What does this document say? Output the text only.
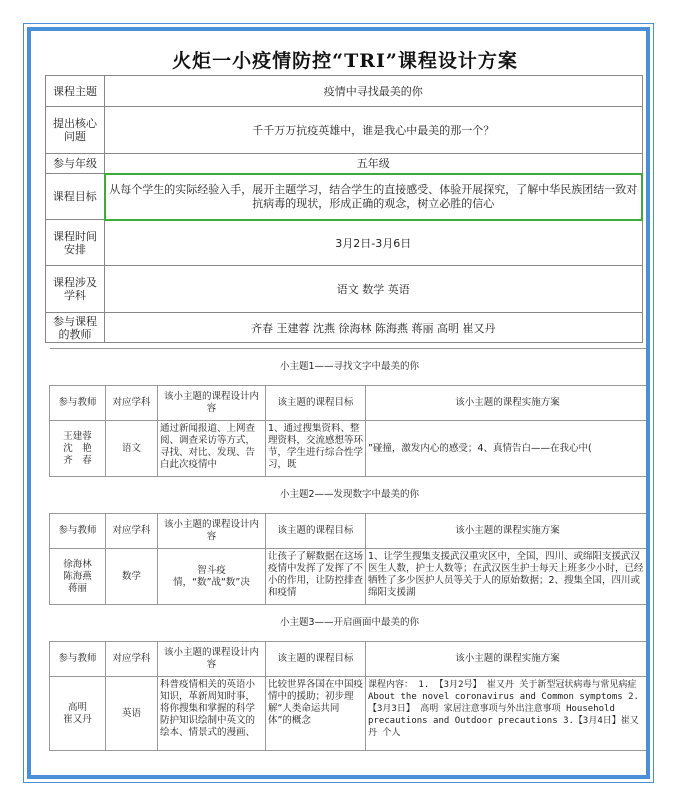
火炬一小疫情防控“TRI”课程设计方案
课程主题	疫情中寻找最美的你
提出核心问题	千千万万抗疫英雄中，谁是我心中最美的那一个？
参与年级	五年级
课程目标	从每个学生的实际经验入手，展开主题学习，结合学生的直接感受、体验开展探究，了解中华民族团结一致对抗病毒的现状，形成正确的观念，树立必胜的信心
课程时间安排	3月2日-3月6日
课程涉及学科	语文 数学 英语
参与课程的教师	齐春 王建蓉 沈燕 徐海林 陈海燕 蒋丽 高明 崔又丹
小主题1——寻找文字中最美的你				
参与教师	对应学科	该小主题的课程设计内容	该主题的课程目标	该小主题的课程实施方案
王建蓉
沈　艳
齐　春	语文	通过新闻报道、上网查阅、调查采访等方式，寻找、对比、发现、告白此次疫情中	1、通过搜集资料、整理资料，交流感想等环节，学生进行综合性学习，既	”碰撞，激发内心的感受；4、真情告白——在我心中(
小主题2——发现数字中最美的你				
参与教师	对应学科	该小主题的课程设计内容	该主题的课程目标	该小主题的课程实施方案
徐海林
陈海燕
蒋丽	数学	智斗疫情，“数”战“数”决	让孩子了解数据在这场疫情中发挥了发挥了不小的作用，让防控排查和疫情	1、让学生搜集支援武汉重灾区中，全国，四川、或绵阳支援武汉医生人数，护士人数等；在武汉医生护士每天上班多少小时，已经牺牲了多少医护人员等关于人的原始数据；2、搜集全国，四川或绵阳支援湖

小主题3——开启画面中最美的你				
参与教师	对应学科	该小主题的课程设计内容	该主题的课程目标	该小主题的课程实施方案
高明
崔又丹	英语	科普疫情相关的英语小知识，革新周知时事，将你搜集和掌握的科学防护知识绘制中英文的绘本、情景式的漫画、	比较世界各国在中国疫情中的援助；初步理解“人类命运共同体”的概念	课程内容： 1. 【3月2号】 崔又丹 关于新型冠状病毒与常见病症About the novel coronavirus and Common symptoms 2.【3月3日】 高明 家居注意事项与外出注意事项 Household precautions and Outdoor precautions 3.【3月4日】崔又丹 个人
